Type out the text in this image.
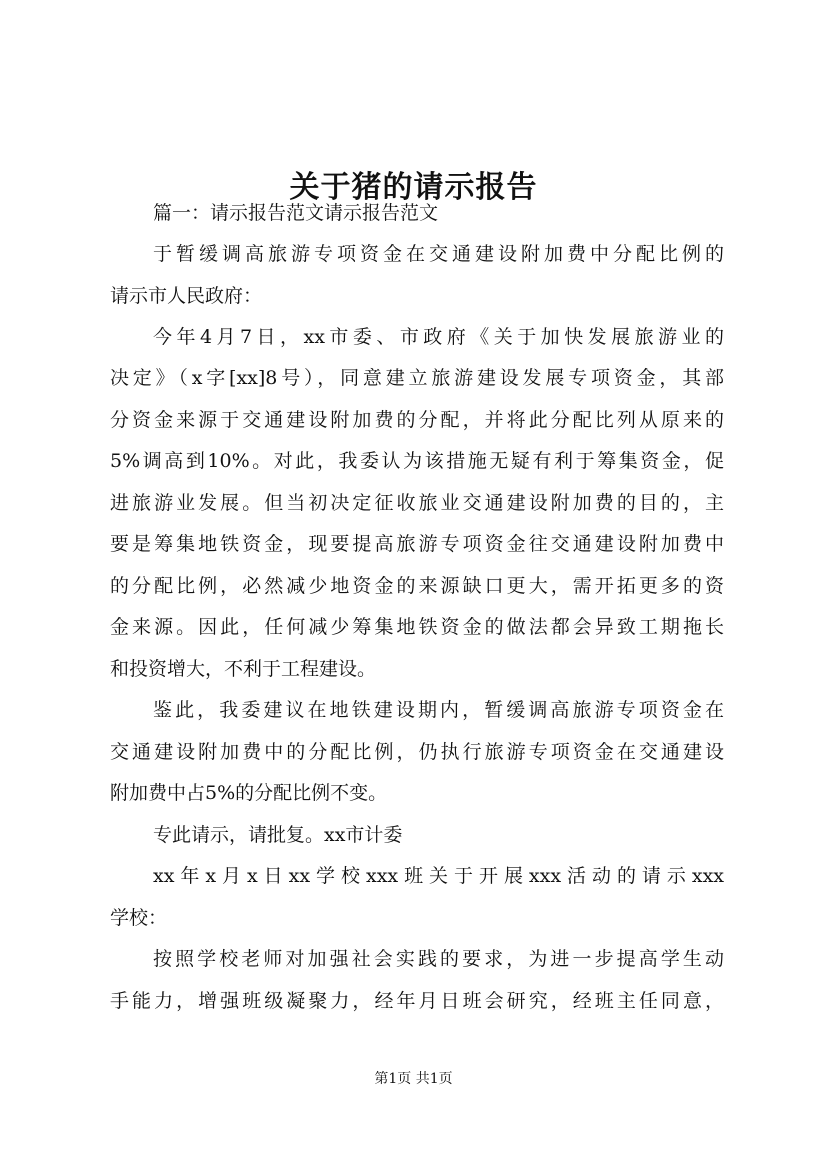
关于猪的请示报告
篇一：请示报告范文请示报告范文
于暂缓调高旅游专项资金在交通建设附加费中分配比例的
请示市人民政府：
今年4月7日，xx市委、市政府《关于加快发展旅游业的
决定》（x字[xx]8号），同意建立旅游建设发展专项资金，其部
分资金来源于交通建设附加费的分配，并将此分配比列从原来的
5%调高到10%。对此，我委认为该措施无疑有利于筹集资金，促
进旅游业发展。但当初决定征收旅业交通建设附加费的目的，主
要是筹集地铁资金，现要提高旅游专项资金往交通建设附加费中
的分配比例，必然减少地资金的来源缺口更大，需开拓更多的资
金来源。因此，任何减少筹集地铁资金的做法都会异致工期拖长
和投资增大，不利于工程建设。
鉴此，我委建议在地铁建设期内，暂缓调高旅游专项资金在
交通建设附加费中的分配比例，仍执行旅游专项资金在交通建设
附加费中占5%的分配比例不变。
专此请示，请批复。xx市计委
xx年x月x日xx学校xxx班关于开展xxx活动的请示xxx
学校：
按照学校老师对加强社会实践的要求，为进一步提高学生动
手能力，增强班级凝聚力，经年月日班会研究，经班主任同意，
第1页 共1页
